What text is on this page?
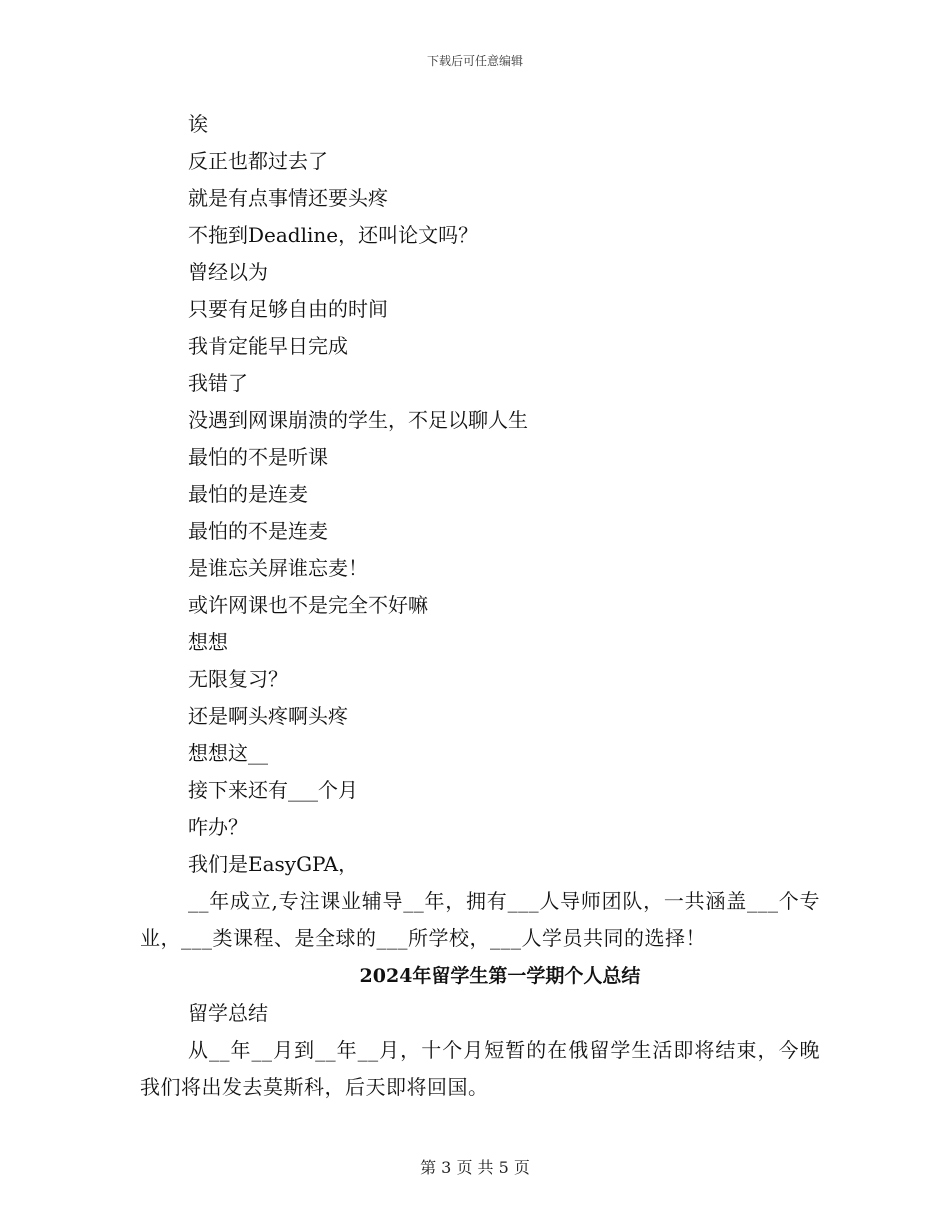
下载后可任意编辑
诶
反正也都过去了
就是有点事情还要头疼
不拖到Deadline，还叫论文吗？
曾经以为
只要有足够自由的时间
我肯定能早日完成
我错了
没遇到网课崩溃的学生，不足以聊人生
最怕的不是听课
最怕的是连麦
最怕的不是连麦
是谁忘关屏谁忘麦！
或许网课也不是完全不好嘛
想想
无限复习？
还是啊头疼啊头疼
想想这__
接下来还有___个月
咋办？
我们是EasyGPA，
__年成立,专注课业辅导__年，拥有___人导师团队，一共涵盖___个专业，___类课程、是全球的___所学校，___人学员共同的选择！
2024年留学生第一学期个人总结
留学总结
从__年__月到__年__月，十个月短暂的在俄留学生活即将结束，今晚我们将出发去莫斯科，后天即将回国。
第 3 页 共 5 页
